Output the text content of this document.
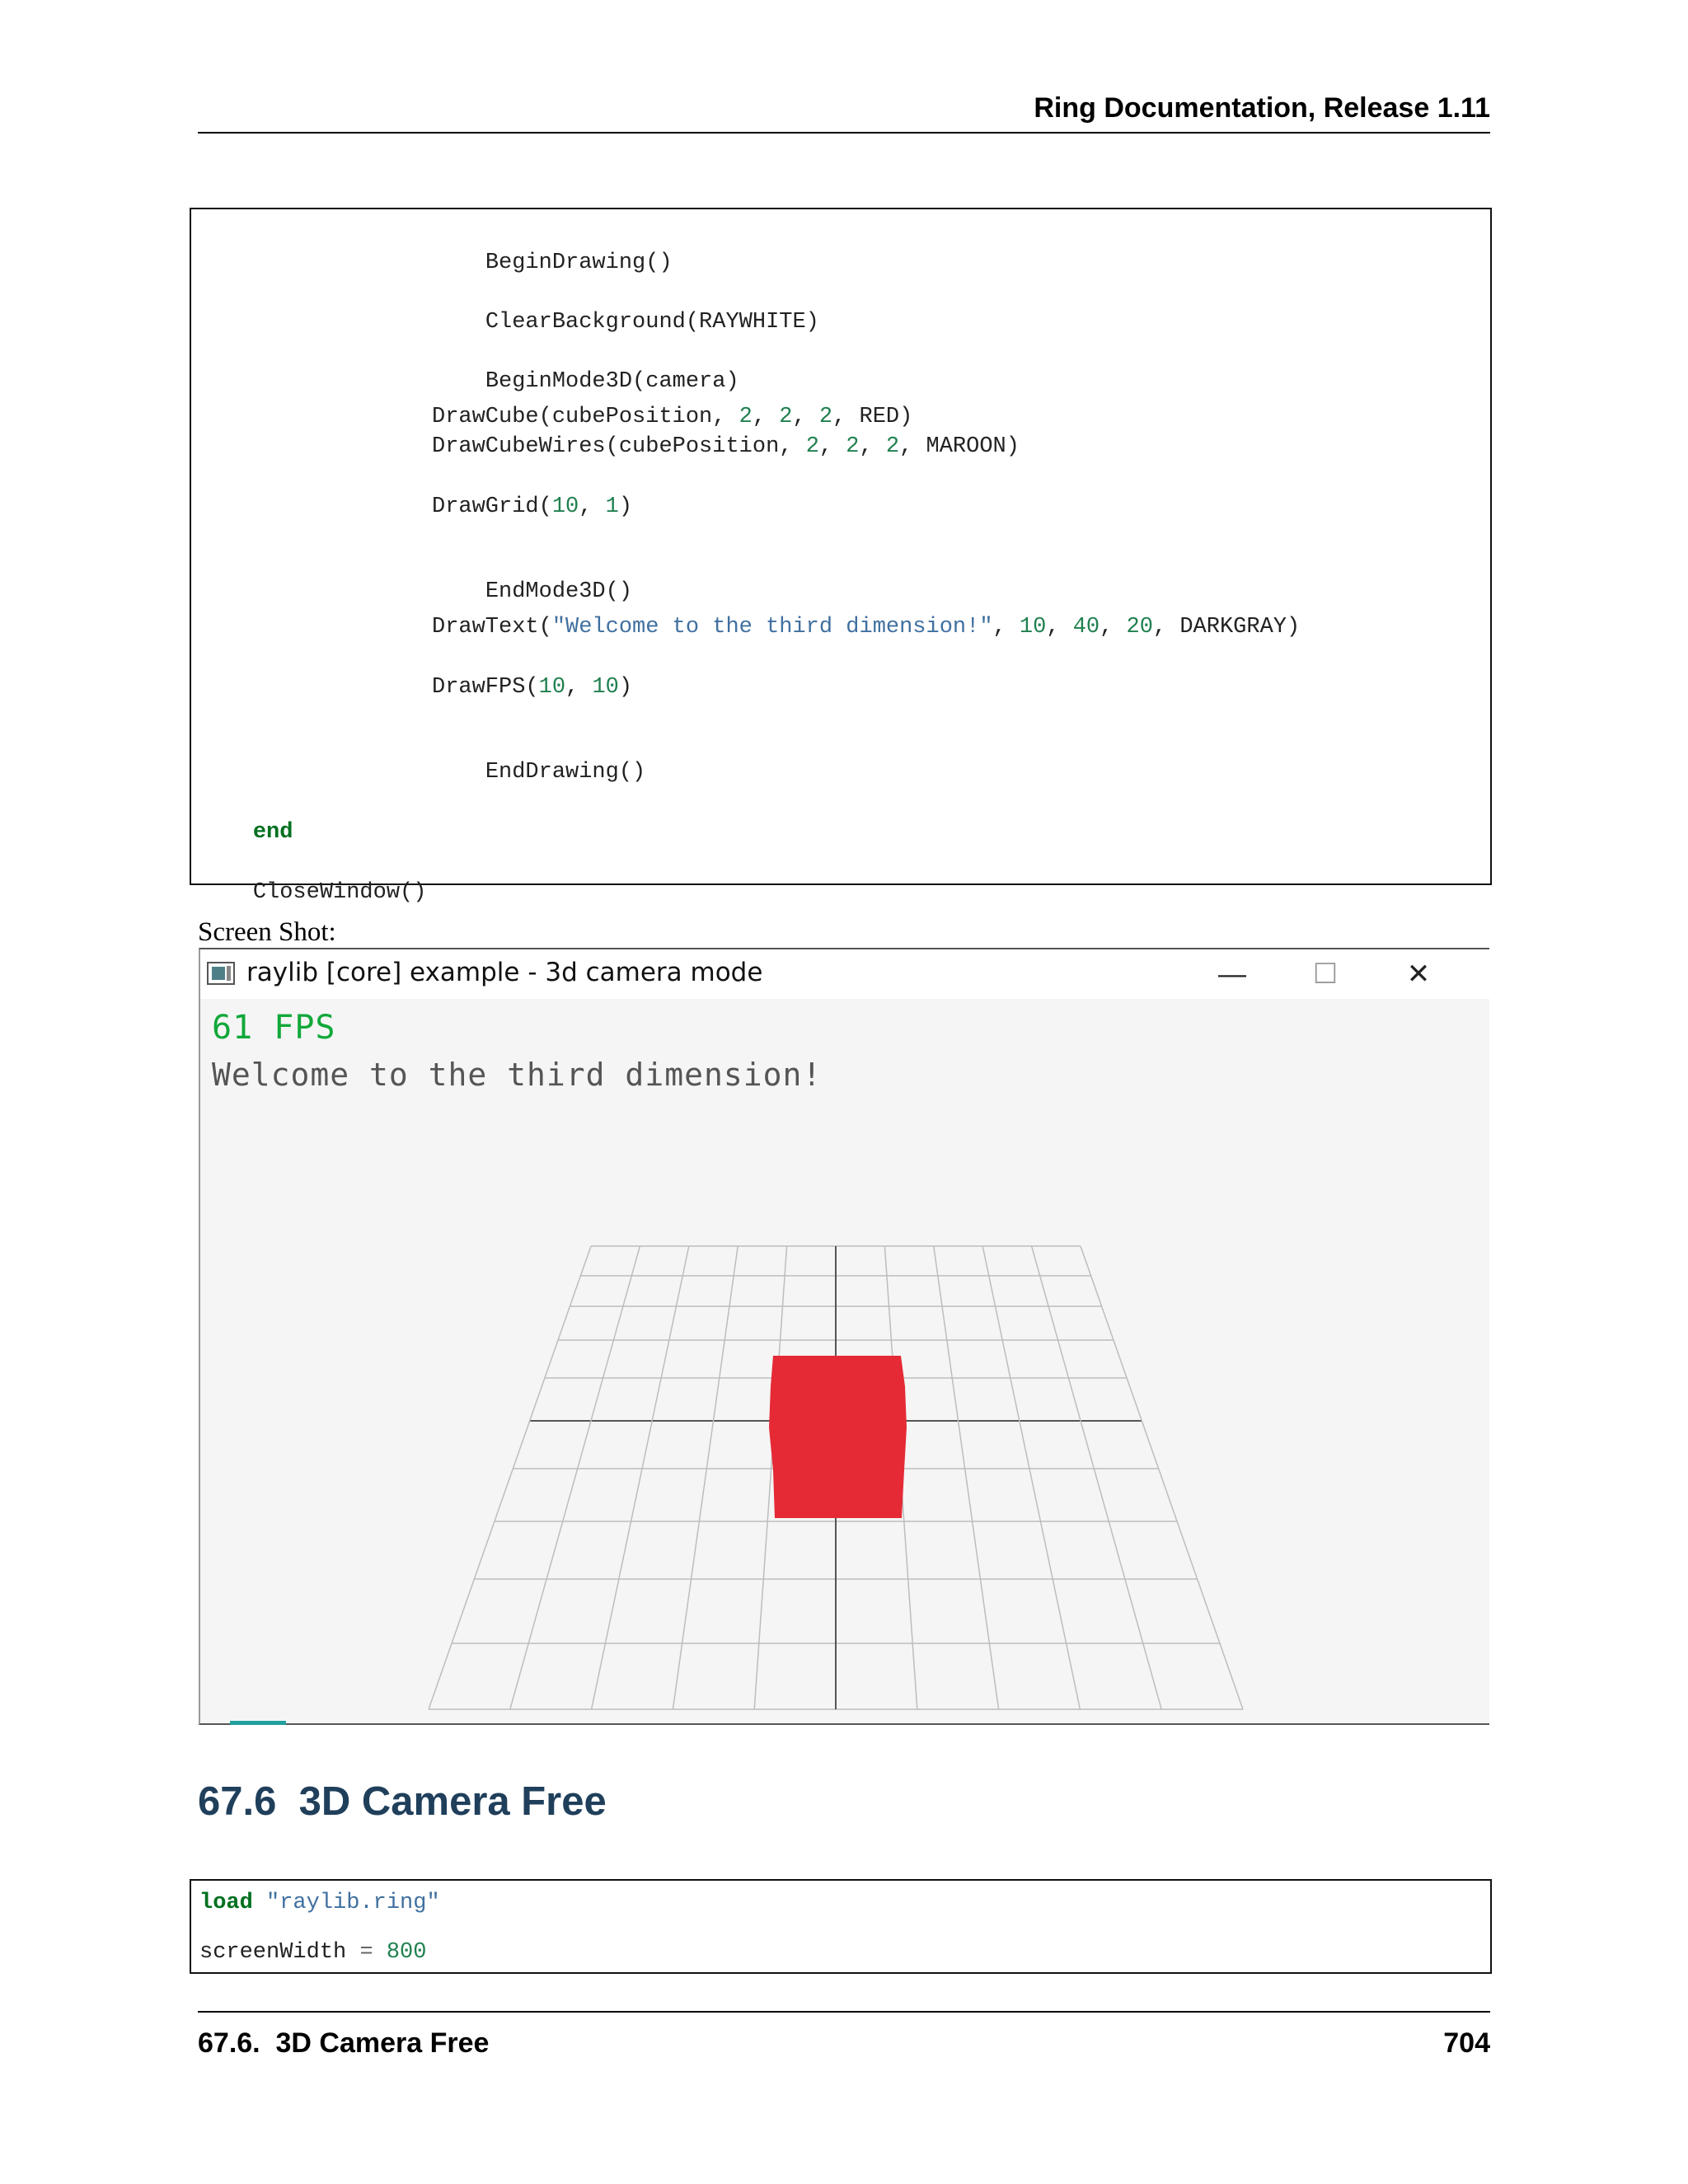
Ring Documentation, Release 1.11

BeginDrawing()

ClearBackground(RAYWHITE)

BeginMode3D(camera)

DrawCube(cubePosition, 2, 2, 2, RED)
DrawCubeWires(cubePosition, 2, 2, 2, MAROON)
DrawGrid(10, 1)

EndMode3D()

DrawText("Welcome to the third dimension!", 10, 40, 20, DARKGRAY)
DrawFPS(10, 10)

EndDrawing()

end

CloseWindow()

Screen Shot:
raylib [core] example - 3d camera mode	— ☐ ✕
61 FPS
Welcome to the third dimension!
67.6 3D Camera Free
load "raylib.ring"
screenWidth = 800
67.6.  3D Camera Free	704
